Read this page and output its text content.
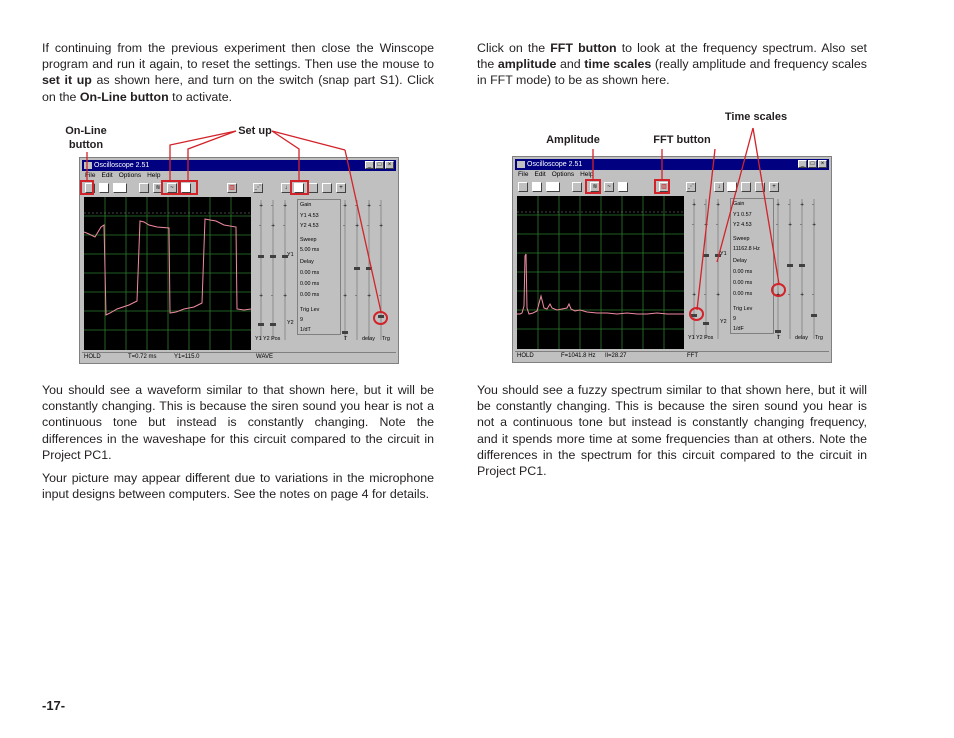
If continuing from the previous experiment then close the Winscope program and run it again, to reset the settings. Then use the mouse to set it up as shown here, and turn on the switch (snap part S1). Click on the On-Line button to activate.

On-Line
button
Set up
Oscilloscope 2.51	_	□	×
File Edit Options Help
≋	~	▥	⋰	↓	+
+ - +	+ - + -
- + -	- + - +
+ - +	+ - + -
Gain
Y1 4.53
Y2 4.53
Sweep
5.00 ms
Delay
0.00 ms
0.00 ms
0.00 ms
Trig Lev
9
1/dT
Y1
Y2
Y1 Y2 Pos	T	delay Trg
HOLD	T=0.72 ms	Y1=115.0	WAVE

You should see a waveform similar to that shown here, but it will be constantly changing. This is because the siren sound you hear is not a continuous tone but instead is constantly changing. Note the differences in the waveshape for this circuit compared to the circuit in Project PC1.

Your picture may appear different due to variations in the microphone input designs between computers. See the notes on page 4 for details.

Click on the FFT button to look at the frequency spectrum. Also set the amplitude and time scales (really amplitude and frequency scales in FFT mode) to be as shown here.

Time scales
Amplitude	FFT button
Oscilloscope 2.51	_	□	×
File Edit Options Help
≋	~	▥	⋰	↓	+
+ - +	+ - + -
- + -	- + - +
+ - +	+ - + -
Gain
Y1 0.57
Y2 4.53
Sweep
11162.8 Hz
Delay
0.00 ms
0.00 ms
0.00 ms
Trig Lev
9
1/dF
Y1
Y2
Y1 Y2 Pos	T	delay Trg
HOLD	F=1041.8 Hz Il=28.27	FFT

You should see a fuzzy spectrum similar to that shown here, but it will be constantly changing. This is because the siren sound you hear is not a continuous tone but instead is constantly changing frequency, and it spends more time at some frequencies than at others. Note the differences in the spectrum for this circuit compared to the circuit in Project PC1.

-17-
